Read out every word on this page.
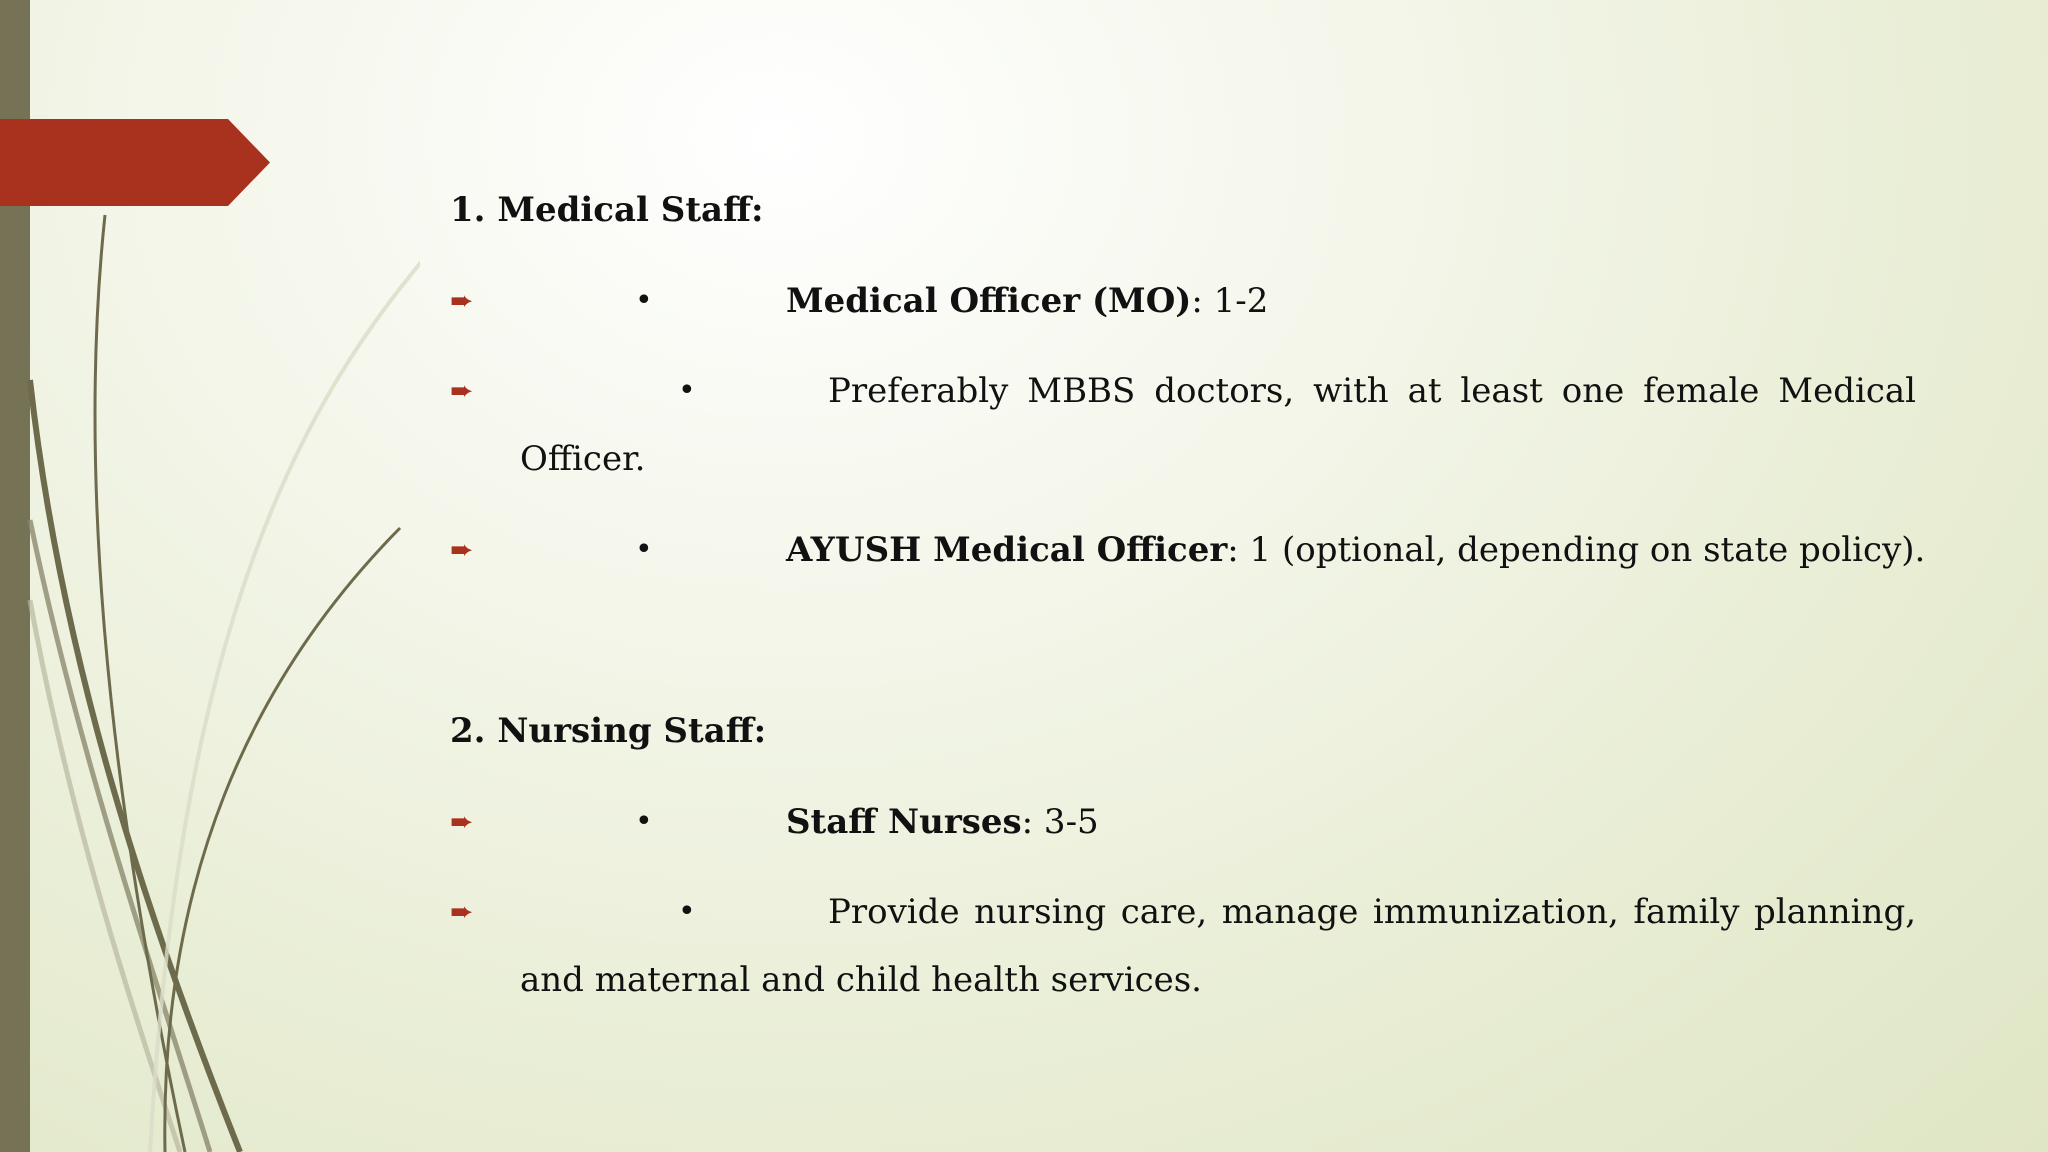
1. Medical Staff:
➨	•	Medical Officer (MO): 1-2
➨	•	Preferably MBBS doctors, with at least one female Medical
Officer.
➨	•	AYUSH Medical Officer: 1 (optional, depending on state policy).
2. Nursing Staff:
➨	•	Staff Nurses: 3-5
➨	•	Provide nursing care, manage immunization, family planning,
and maternal and child health services.
